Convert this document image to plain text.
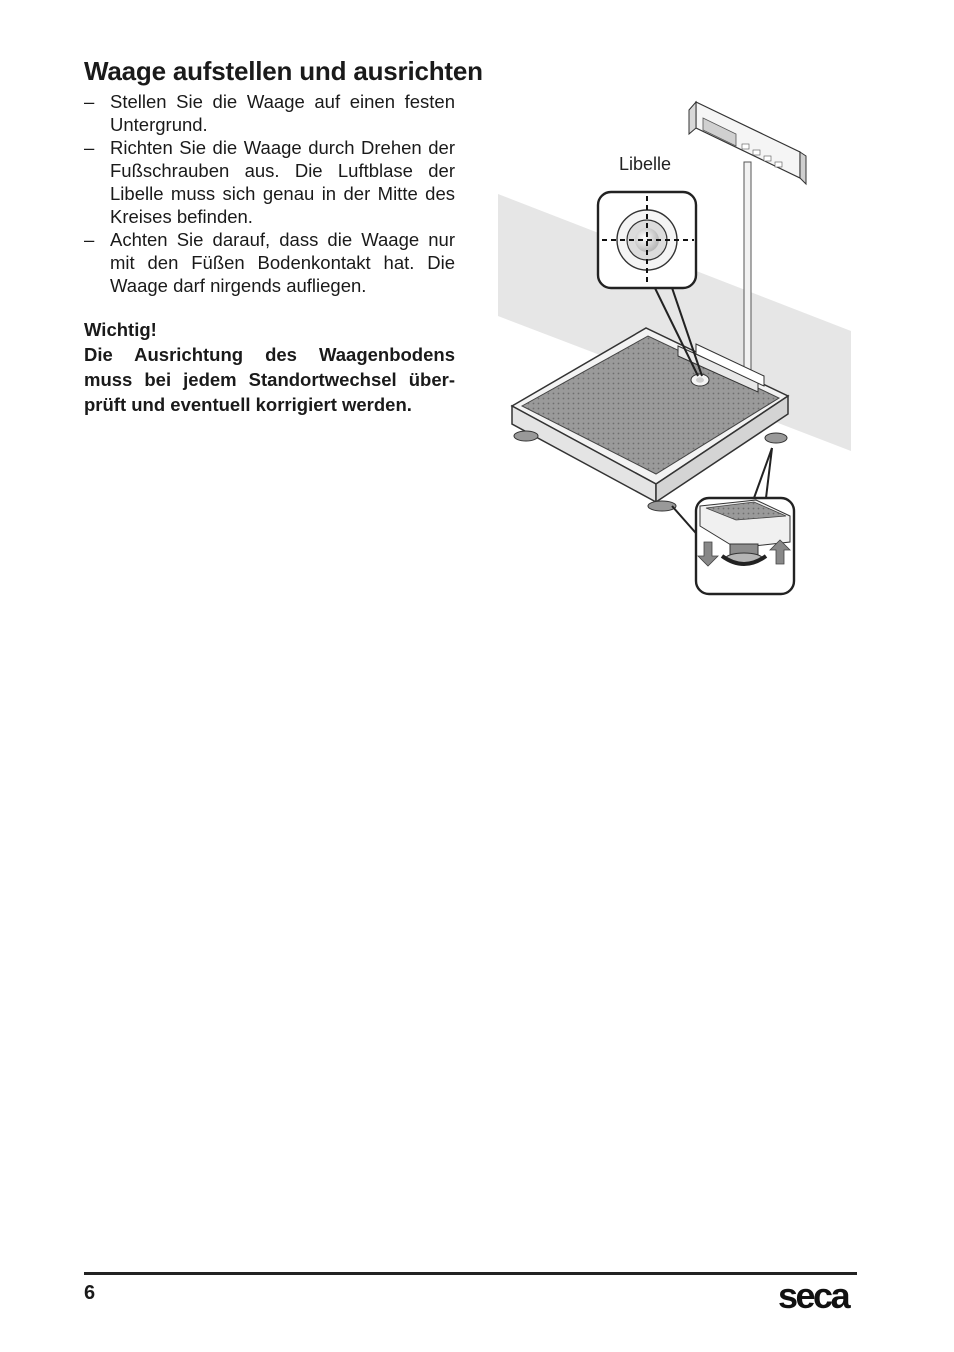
Waage aufstellen und ausrichten
– Stellen Sie die Waage auf einen festen Untergrund.
– Richten Sie die Waage durch Drehen der Fußschrauben aus. Die Luftblase der Libelle muss sich genau in der Mitte des Kreises befinden.
– Achten Sie darauf, dass die Waage nur mit den Füßen Bodenkontakt hat. Die Waage darf nirgends aufliegen.

Wichtig!

Die Ausrichtung des Waagenbodens muss bei jedem Standortwechsel überprüft und eventuell korrigiert werden.

Libelle
6	seca
